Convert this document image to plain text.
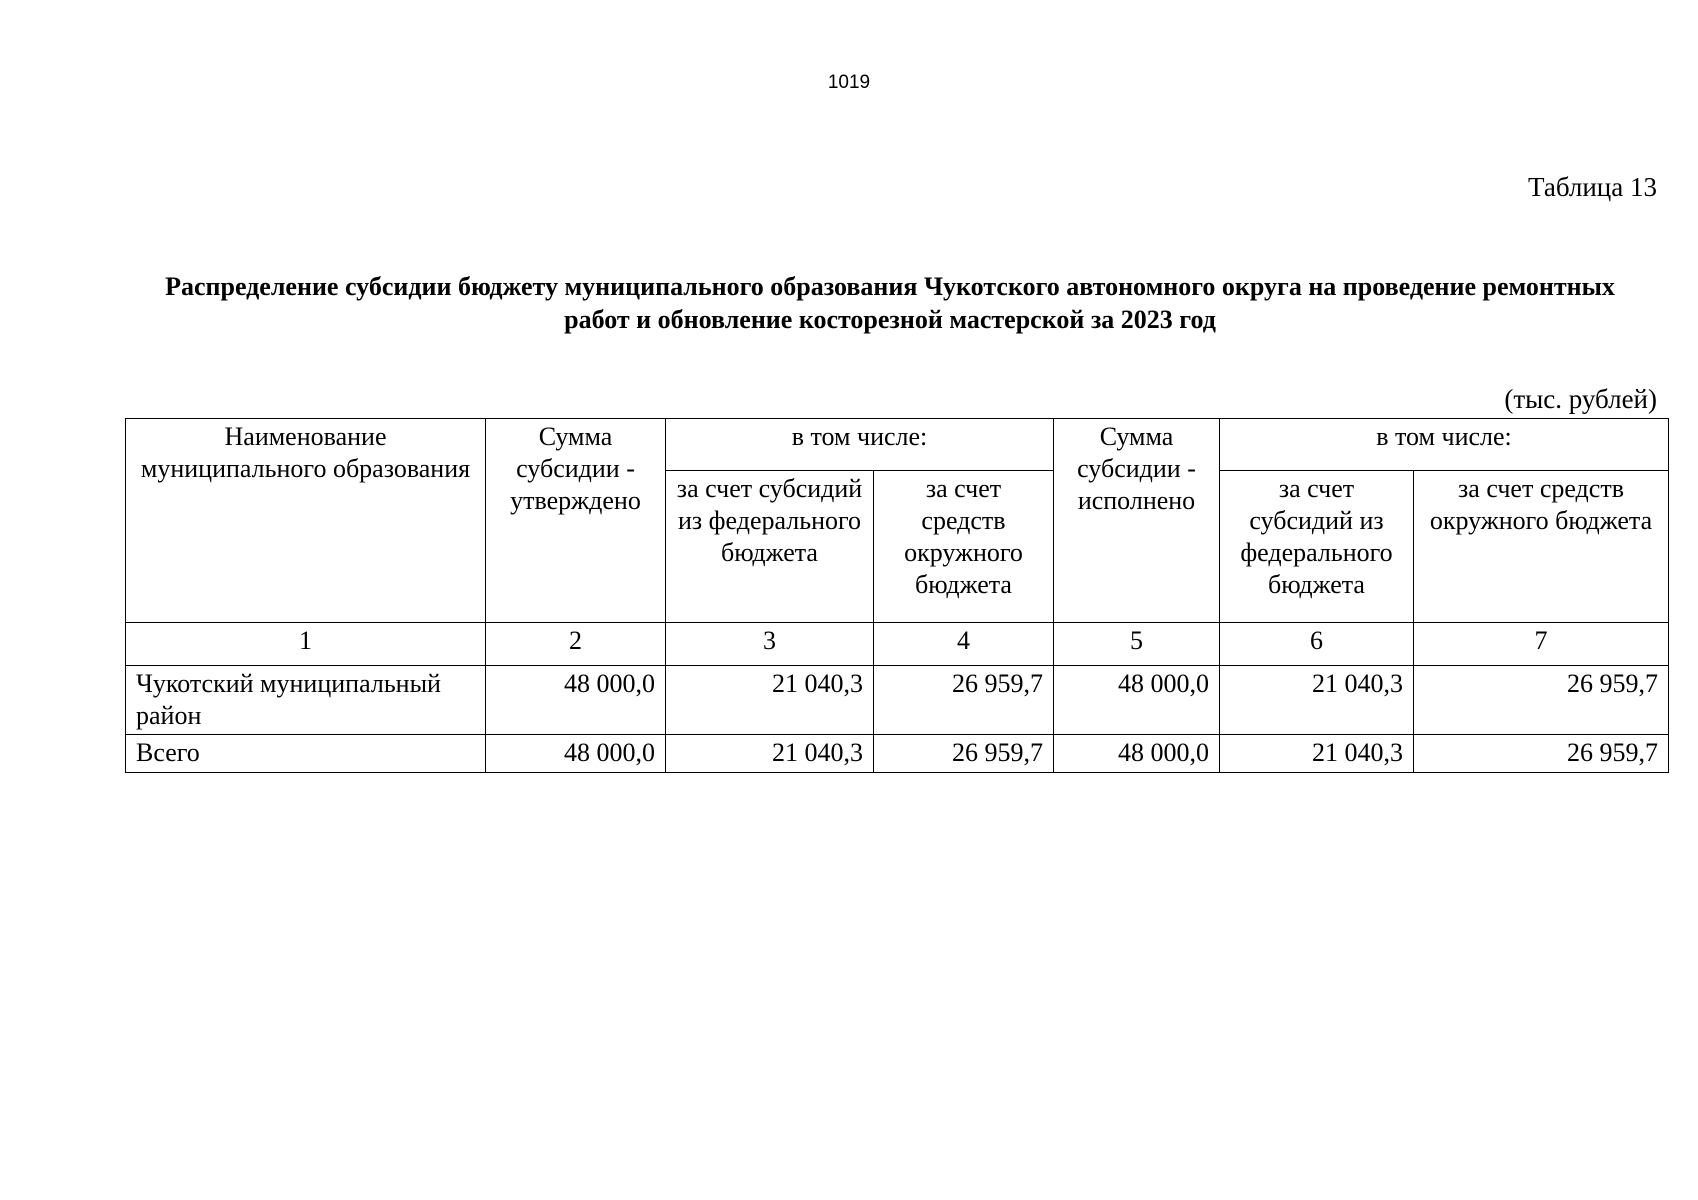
1019
Таблица 13
Распределение субсидии бюджету муниципального образования Чукотского автономного округа на проведение ремонтных работ и обновление косторезной мастерской за 2023 год
(тыс. рублей)
Наименование муниципального образования	Сумма субсидии - утверждено	в том числе:		Сумма субсидии - исполнено	в том числе:	
		за счет субсидий из федерального бюджета	за счет средств окружного бюджета		за счет субсидий из федерального бюджета	за счет средств окружного бюджета
1	2	3	4	5	6	7
Чукотский муниципальный район	48 000,0	21 040,3	26 959,7	48 000,0	21 040,3	26 959,7
Всего	48 000,0	21 040,3	26 959,7	48 000,0	21 040,3	26 959,7
